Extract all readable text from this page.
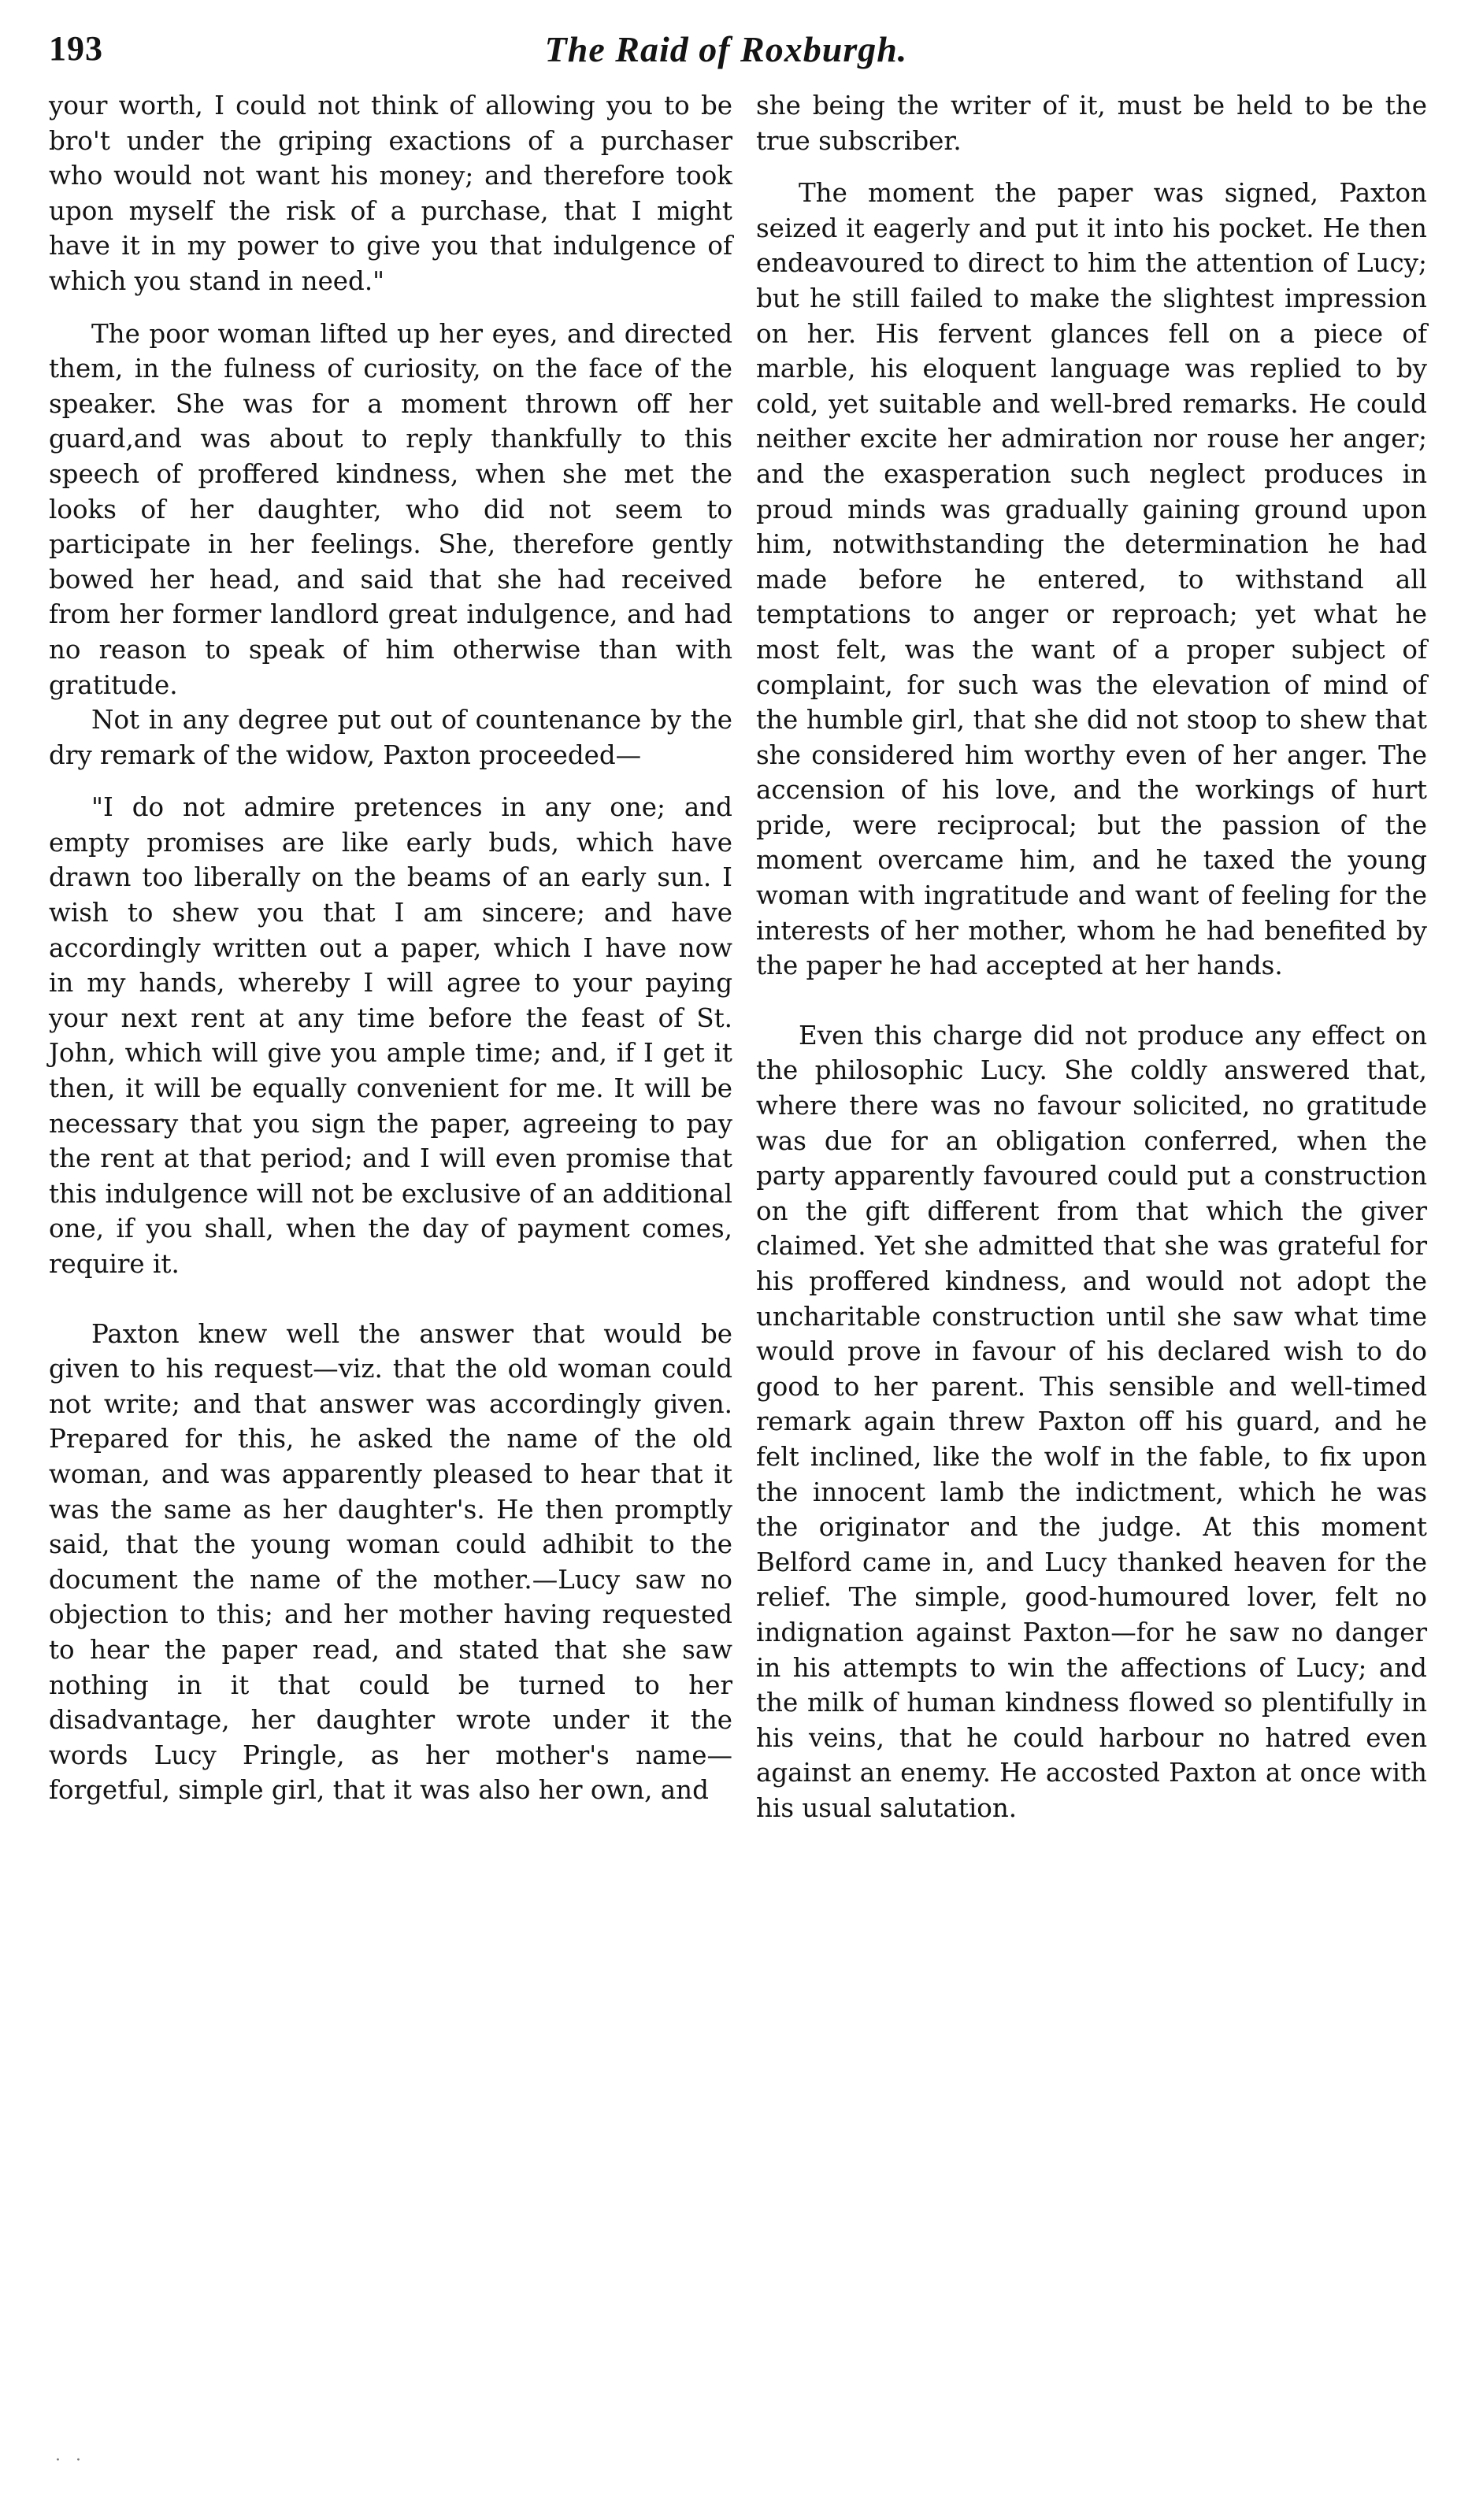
193	The Raid of Roxburgh.

your worth, I could not think of allowing you to be bro't under the griping exactions of a purchaser who would not want his money; and therefore took upon myself the risk of a purchase, that I might have it in my power to give you that indulgence of which you stand in need."

The poor woman lifted up her eyes, and directed them, in the fulness of curiosity, on the face of the speaker. She was for a moment thrown off her guard,and was about to reply thankfully to this speech of proffered kindness, when she met the looks of her daughter, who did not seem to participate in her feelings. She, therefore gently bowed her head, and said that she had received from her former landlord great indulgence, and had no reason to speak of him otherwise than with gratitude.

Not in any degree put out of countenance by the dry remark of the widow, Paxton proceeded—

"I do not admire pretences in any one; and empty promises are like early buds, which have drawn too liberally on the beams of an early sun. I wish to shew you that I am sincere; and have accordingly written out a paper, which I have now in my hands, whereby I will agree to your paying your next rent at any time before the feast of St. John, which will give you ample time; and, if I get it then, it will be equally convenient for me. It will be necessary that you sign the paper, agreeing to pay the rent at that period; and I will even promise that this indulgence will not be exclusive of an additional one, if you shall, when the day of payment comes, require it.

Paxton knew well the answer that would be given to his request—viz. that the old woman could not write; and that answer was accordingly given. Prepared for this, he asked the name of the old woman, and was apparently pleased to hear that it was the same as her daughter's. He then promptly said, that the young woman could adhibit to the document the name of the mother.—Lucy saw no objection to this; and her mother having requested to hear the paper read, and stated that she saw nothing in it that could be turned to her disadvantage, her daughter wrote under it the words Lucy Pringle, as her mother's name—forgetful, simple girl, that it was also her own, and

she being the writer of it, must be held to be the true subscriber.

The moment the paper was signed, Paxton seized it eagerly and put it into his pocket. He then endeavoured to direct to him the attention of Lucy; but he still failed to make the slightest impression on her. His fervent glances fell on a piece of marble, his eloquent language was replied to by cold, yet suitable and well-bred remarks. He could neither excite her admiration nor rouse her anger; and the exasperation such neglect produces in proud minds was gradually gaining ground upon him, notwithstanding the determination he had made before he entered, to withstand all temptations to anger or reproach; yet what he most felt, was the want of a proper subject of complaint, for such was the elevation of mind of the humble girl, that she did not stoop to shew that she considered him worthy even of her anger. The accension of his love, and the workings of hurt pride, were reciprocal; but the passion of the moment overcame him, and he taxed the young woman with ingratitude and want of feeling for the interests of her mother, whom he had benefited by the paper he had accepted at her hands.

Even this charge did not produce any effect on the philosophic Lucy. She coldly answered that, where there was no favour solicited, no gratitude was due for an obligation conferred, when the party apparently favoured could put a construction on the gift different from that which the giver claimed. Yet she admitted that she was grateful for his proffered kindness, and would not adopt the uncharitable construction until she saw what time would prove in favour of his declared wish to do good to her parent. This sensible and well-timed remark again threw Paxton off his guard, and he felt inclined, like the wolf in the fable, to fix upon the innocent lamb the indictment, which he was the originator and the judge. At this moment Belford came in, and Lucy thanked heaven for the relief. The simple, good-humoured lover, felt no indignation against Paxton—for he saw no danger in his attempts to win the affections of Lucy; and the milk of human kindness flowed so plentifully in his veins, that he could harbour no hatred even against an enemy. He accosted Paxton at once with his usual salutation.

· ·
